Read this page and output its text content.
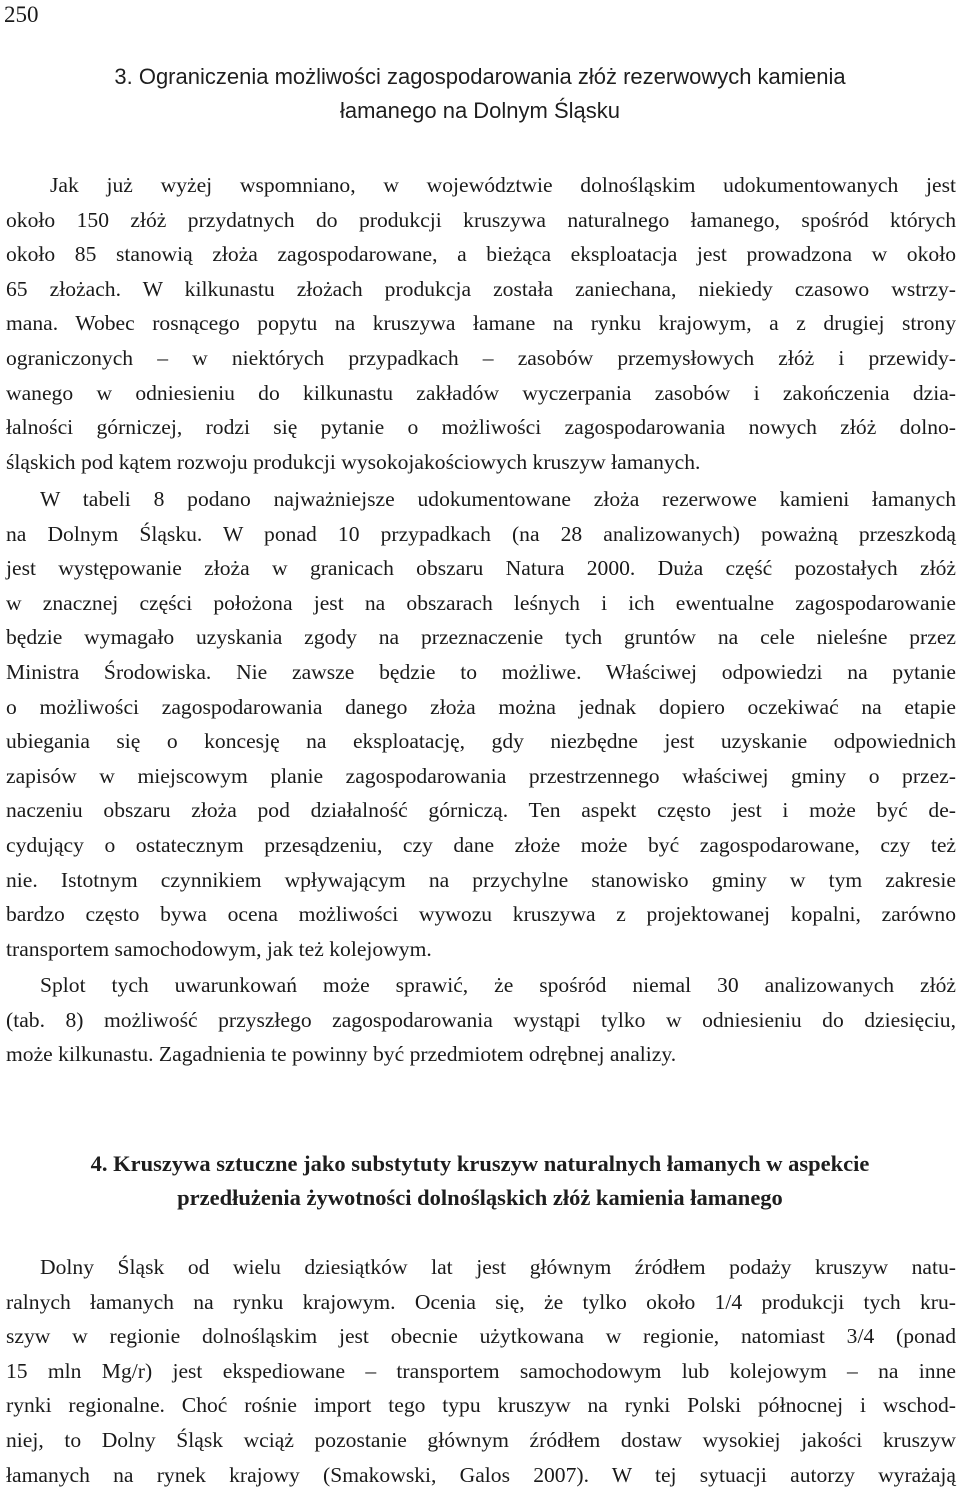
250
3. Ograniczenia możliwości zagospodarowania złóż rezerwowych kamienia
łamanego na Dolnym Śląsku
Jak już wyżej wspomniano, w województwie dolnośląskim udokumentowanych jest
około 150 złóż przydatnych do produkcji kruszywa naturalnego łamanego, spośród których
około 85 stanowią złoża zagospodarowane, a bieżąca eksploatacja jest prowadzona w około
65 złożach. W kilkunastu złożach produkcja została zaniechana, niekiedy czasowo wstrzy-
mana. Wobec rosnącego popytu na kruszywa łamane na rynku krajowym, a z drugiej strony
ograniczonych – w niektórych przypadkach – zasobów przemysłowych złóż i przewidy-
wanego w odniesieniu do kilkunastu zakładów wyczerpania zasobów i zakończenia dzia-
łalności górniczej, rodzi się pytanie o możliwości zagospodarowania nowych złóż dolno-
śląskich pod kątem rozwoju produkcji wysokojakościowych kruszyw łamanych.
W tabeli 8 podano najważniejsze udokumentowane złoża rezerwowe kamieni łamanych
na Dolnym Śląsku. W ponad 10 przypadkach (na 28 analizowanych) poważną przeszkodą
jest występowanie złoża w granicach obszaru Natura 2000. Duża część pozostałych złóż
w znacznej części położona jest na obszarach leśnych i ich ewentualne zagospodarowanie
będzie wymagało uzyskania zgody na przeznaczenie tych gruntów na cele nieleśne przez
Ministra Środowiska. Nie zawsze będzie to możliwe. Właściwej odpowiedzi na pytanie
o możliwości zagospodarowania danego złoża można jednak dopiero oczekiwać na etapie
ubiegania się o koncesję na eksploatację, gdy niezbędne jest uzyskanie odpowiednich
zapisów w miejscowym planie zagospodarowania przestrzennego właściwej gminy o przez-
naczeniu obszaru złoża pod działalność górniczą. Ten aspekt często jest i może być de-
cydujący o ostatecznym przesądzeniu, czy dane złoże może być zagospodarowane, czy też
nie. Istotnym czynnikiem wpływającym na przychylne stanowisko gminy w tym zakresie
bardzo często bywa ocena możliwości wywozu kruszywa z projektowanej kopalni, zarówno
transportem samochodowym, jak też kolejowym.
Splot tych uwarunkowań może sprawić, że spośród niemal 30 analizowanych złóż
(tab. 8) możliwość przyszłego zagospodarowania wystąpi tylko w odniesieniu do dziesięciu,
może kilkunastu. Zagadnienia te powinny być przedmiotem odrębnej analizy.
4. Kruszywa sztuczne jako substytuty kruszyw naturalnych łamanych w aspekcie
przedłużenia żywotności dolnośląskich złóż kamienia łamanego
Dolny Śląsk od wielu dziesiątków lat jest głównym źródłem podaży kruszyw natu-
ralnych łamanych na rynku krajowym. Ocenia się, że tylko około 1/4 produkcji tych kru-
szyw w regionie dolnośląskim jest obecnie użytkowana w regionie, natomiast 3/4 (ponad
15 mln Mg/r) jest ekspediowane – transportem samochodowym lub kolejowym – na inne
rynki regionalne. Choć rośnie import tego typu kruszyw na rynki Polski północnej i wschod-
niej, to Dolny Śląsk wciąż pozostanie głównym źródłem dostaw wysokiej jakości kruszyw
łamanych na rynek krajowy (Smakowski, Galos 2007). W tej sytuacji autorzy wyrażają
